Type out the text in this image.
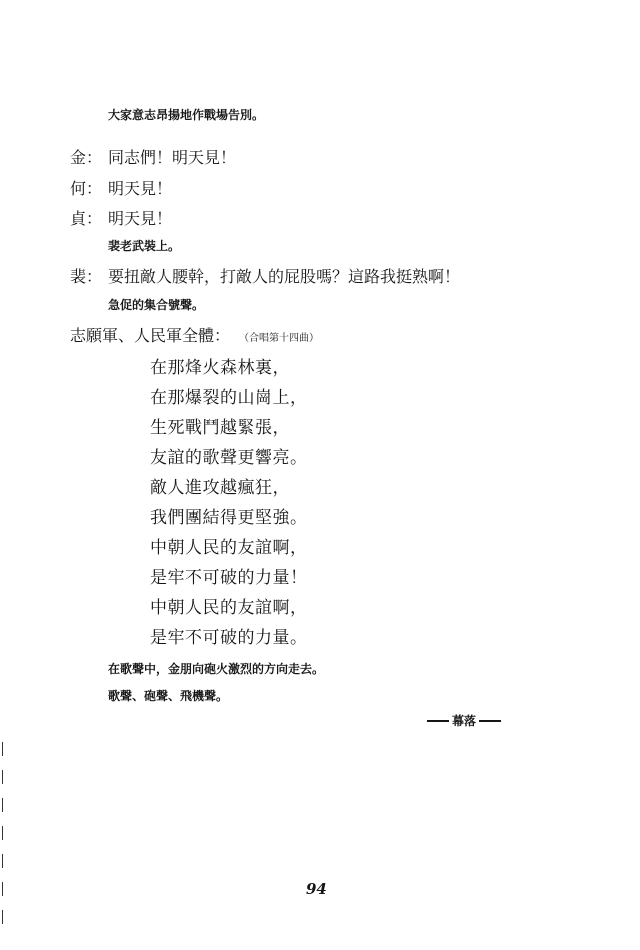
大家意志昂揚地作戰場告別。
金： 同志們！明天見！
何： 明天見！
貞： 明天見！
裴老武裝上。
裴： 要扭敵人腰幹，打敵人的屁股嗎？這路我挺熟啊！
急促的集合號聲。
志願軍、人民軍全體： （合唱第十四曲）
在那烽火森林裏，
在那爆裂的山崗上，
生死戰鬥越緊張，
友誼的歌聲更響亮。
敵人進攻越瘋狂，
我們團結得更堅強。
中朝人民的友誼啊，
是牢不可破的力量！
中朝人民的友誼啊，
是牢不可破的力量。
在歌聲中，金朋向砲火激烈的方向走去。
歌聲、砲聲、飛機聲。
幕落
94
